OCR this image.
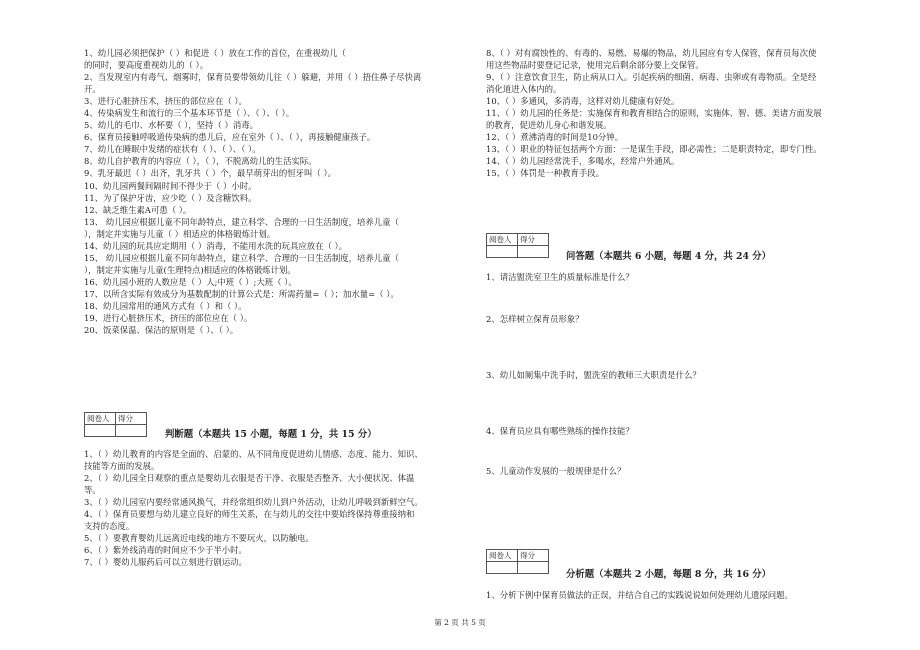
1、幼儿园必须把保护（ ）和促进（ ）放在工作的首位，在重视幼儿（
的同时，要高度重视幼儿的（ ）。
2、当发现室内有毒气、烟雾时，保育员要带领幼儿往（ ）躲避，并用（ ）捂住鼻子尽快离
开。
3、进行心脏挤压术，挤压的部位应在（ ）。
4、传染病发生和流行的三个基本环节是（ ）、（ ）、（ ）。
5、幼儿的毛巾、水杯要（ ），坚持（ ）消毒。
6、保育员接触呼吸道传染病的患儿后，应在室外（ ）、（ ），再接触健康孩子。
7、幼儿在睡眠中发绪的症状有（ ）、（ ）、（ ）。
8、幼儿自护教育的内容应（ ），（ ），不脱离幼儿的生活实际。
9、乳牙最迟（ ）出齐，乳牙共（ ）个，最早萌芽出的恒牙叫（ ）。
10、幼儿园两餐间隔时间不得少于（ ）小时。
11、为了保护牙齿，应少吃（ ）及含糖饮料。
12、缺乏维生素A可患（ ）。
13、 幼儿园应根据儿童不同年龄特点，建立科学、合理的一日生活制度，培养儿童（
），制定并实施与儿童（ ）相适应的体格锻炼计划。
14、幼儿园的玩具应定期用（ ）消毒，不能用水洗的玩具应放在（ ）。
15、 幼儿园应根据儿童不同年龄特点，建立科学、合理的一日生活制度，培养儿童（
），制定并实施与儿童(生理特点)相适应的体格锻炼计划。
16、幼儿园小班的人数应是（ ）人;中班（ ）;大班（ ）。
17、以所含实际有效成分为基数配制的计算公式是：所需药量=（ ）；加水量=（ ）。
18、幼儿园常用的通风方式有（ ）和（ ）。
19、进行心脏挤压术，挤压的部位应在（ ）。
20、饭菜保温、保洁的原则是（ ）、（ ）。
阅卷人	得分

判断题（本题共 15 小题，每题 1 分，共 15 分）
1、（ ）幼儿教育的内容是全面的、启蒙的、从不同角度促进幼儿情感、态度、能力、知识、
技能等方面的发展。
2、（ ）幼儿园全日观察的重点是婴幼儿衣服是否干净、衣服是否整齐、大小便状况、体温
等。
3、（ ）幼儿园室内要经常通风换气，并经常组织幼儿到户外活动，让幼儿呼吸到新鲜空气。
4、（ ）保育员要想与幼儿建立良好的师生关系，在与幼儿的交往中要始终保持尊重接纳和
支持的态度。
5、（ ）要教育婴幼儿远离近电线的地方不要玩火，以防触电。
6、（ ）紫外线消毒的时间应不少于半小时。
7、（ ）婴幼儿服药后可以立刻进行剧运动。
8、（ ）对有腐蚀性的、有毒的、易燃、易爆的物品，幼儿园应有专人保管，保育员每次使
用这些物品时要登记记录，使用完后剩余部分要上交保管。
9、（ ）注意饮食卫生，防止病从口入。引起疾病的细菌、病毒、虫卵或有毒物质。全是经
消化道进入体内的。
10、（ ）多通风，多消毒，这样对幼儿健康有好处。
11、（ ）幼儿园的任务是：实施保育和教育相结合的原则，实施体、智、德、美诸方面发展
的教育，促进幼儿身心和谐发展。
12、（ ）煮沸消毒的时间是10分钟。
13、（ ）职业的特征包括两个方面：一是谋生手段，即必需性；二是职责特定，即专门性。
14、（ ）幼儿园经常洗手，多喝水，经常户外通风。
15、（ ）体罚是一种教育手段。
阅卷人	得分

问答题（本题共 6 小题，每题 4 分，共 24 分）
1、请洁盥洗室卫生的质量标准是什么？
2、怎样树立保育员形象？
3、幼儿如厕集中洗手时，盥洗室的教师三大职责是什么？
4、保育员应具有哪些熟练的操作技能？
5、儿童动作发展的一般规律是什么？
阅卷人	得分

分析题（本题共 2 小题，每题 8 分，共 16 分）
1、分析下例中保育员做法的正误，并结合自己的实践说说如何处理幼儿遗尿问题。
第 2 页 共 5 页
